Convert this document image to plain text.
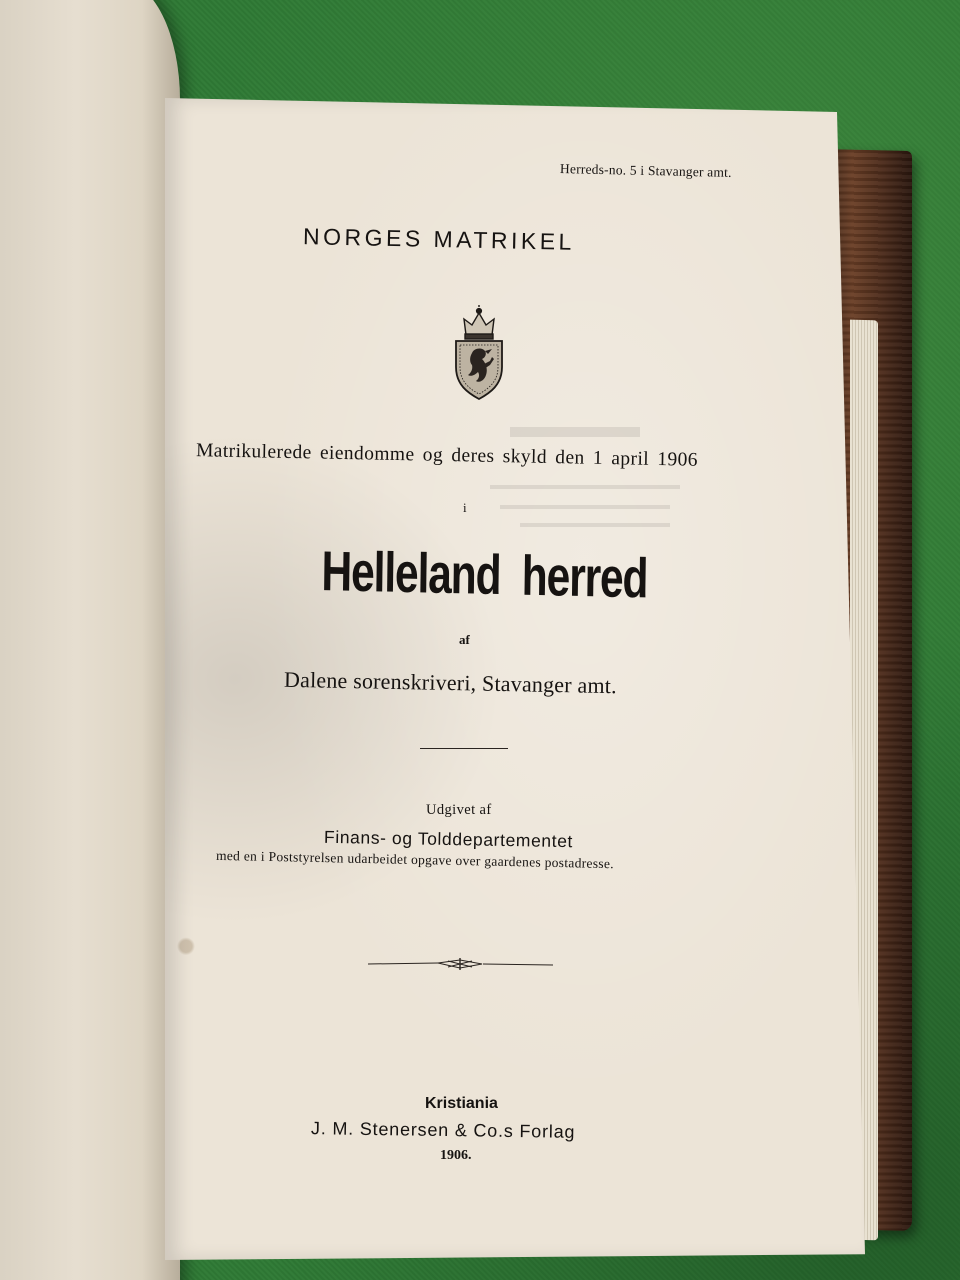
Herreds-no. 5 i Stavanger amt.
NORGES MATRIKEL
Matrikulerede eiendomme og deres skyld den 1 april 1906
i
Helleland herred
af
Dalene sorenskriveri, Stavanger amt.
Udgivet af
Finans- og Tolddepartementet
med en i Poststyrelsen udarbeidet opgave over gaardenes postadresse.
Kristiania
J. M. Stenersen & Co.s Forlag
1906.
